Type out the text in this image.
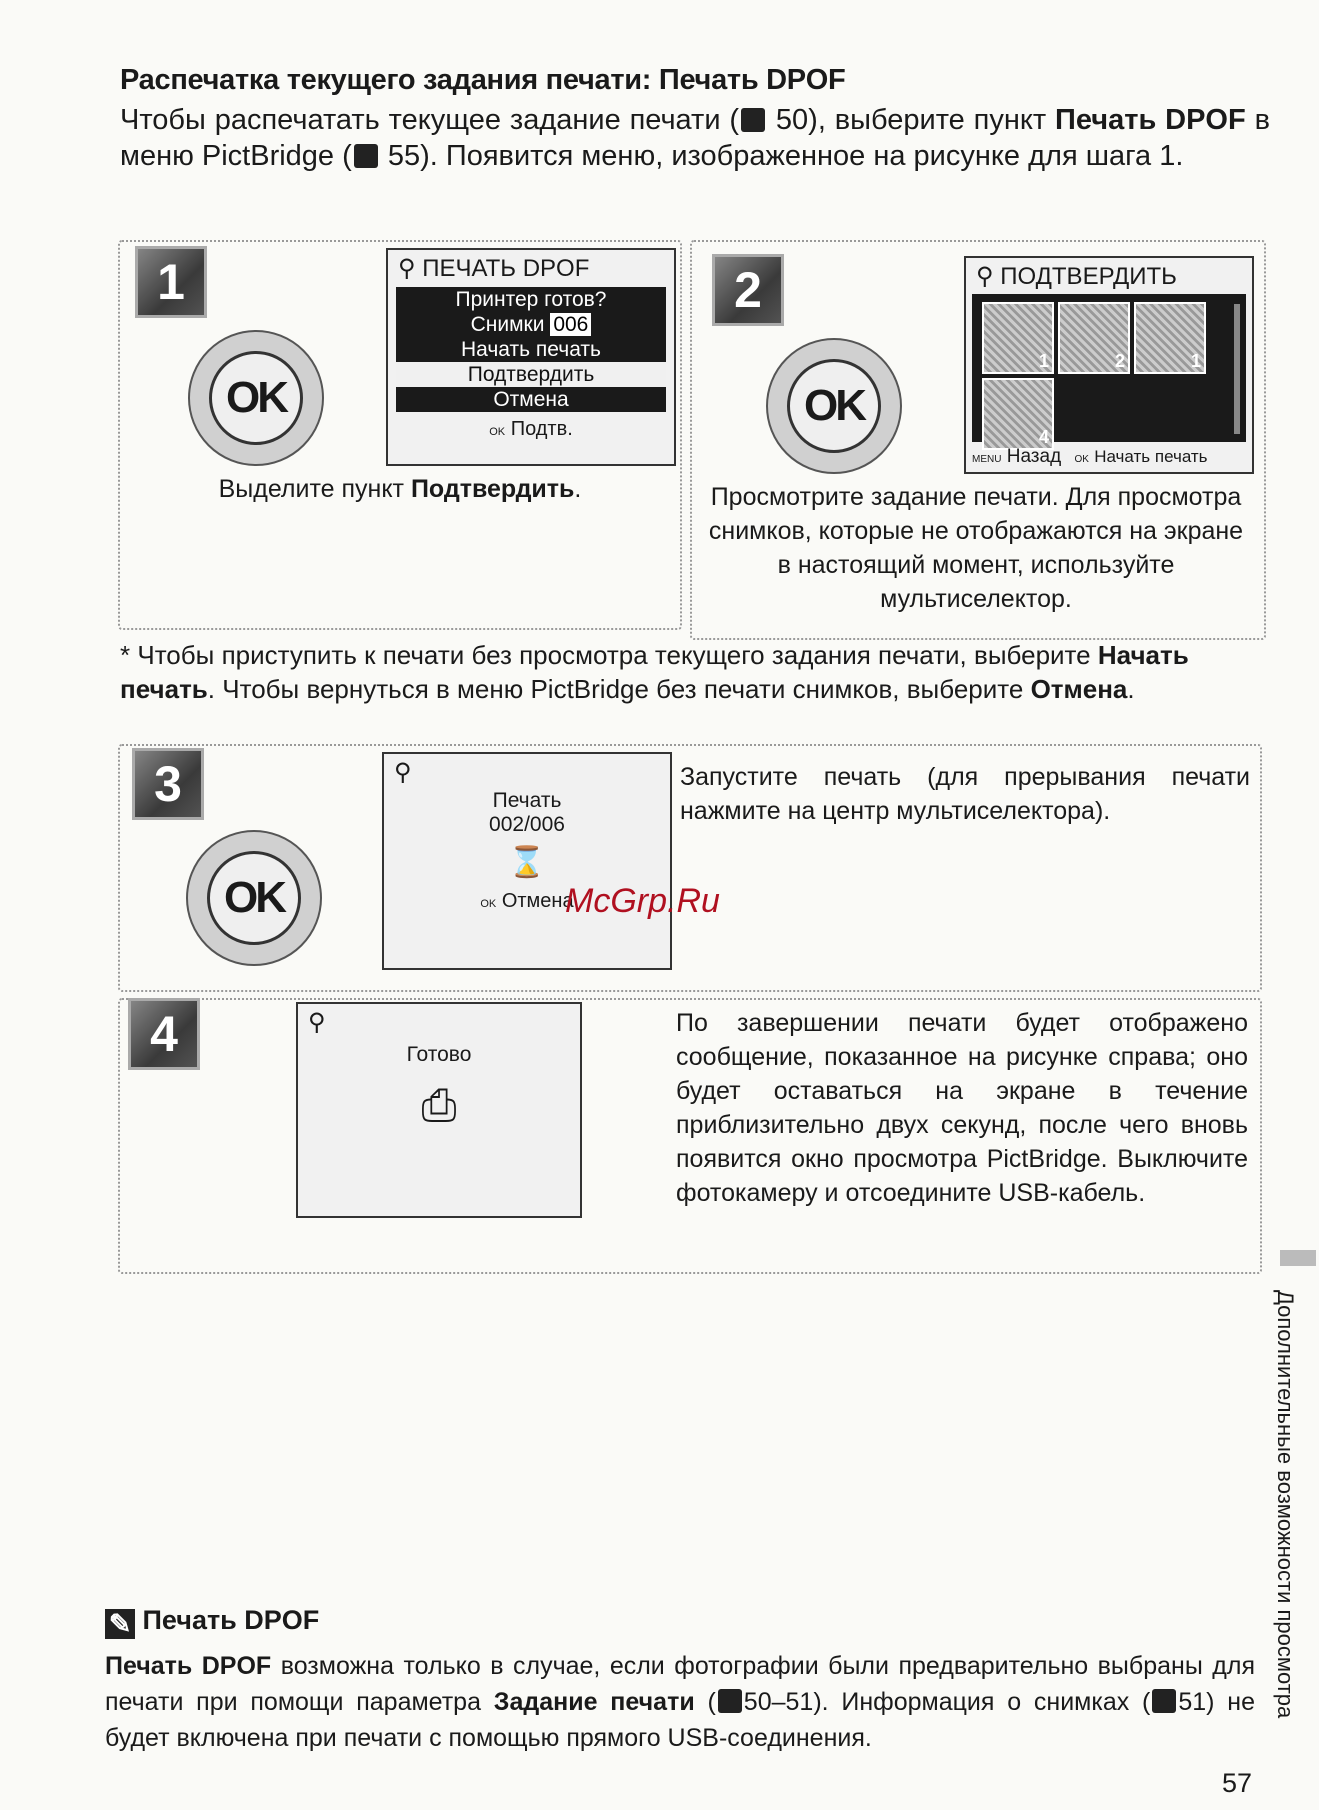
Распечатка текущего задания печати: Печать DPOF
Чтобы распечатать текущее задание печати ( 50), выберите пункт Печать DPOF в меню PictBridge ( 55). Появится меню, изображенное на рисунке для шага 1.
1
OK
⚲ ПЕЧАТЬ DPOF
Принтер готов?
Снимки 006
Начать печать
Подтвердить
Отмена
OK Подтв.
Выделите пункт Подтвердить.
2
OK
⚲ ПОДТВЕРДИТЬ
1	2	1
4
MENU Назад OK Начать печать
Просмотрите задание печати. Для просмотра снимков, которые не отображаются на экране в настоящий момент, используйте мультиселектор.
* Чтобы приступить к печати без просмотра текущего задания печати, выберите Начать печать. Чтобы вернуться в меню PictBridge без печати снимков, выберите Отмена.
3
OK
⚲
Печать
002/006
⌛
OK Отмена
Запустите печать (для прерывания печати нажмите на центр мультиселектора).
4	⚲
Готово
⎙
По завершении печати будет отображено сообщение, показанное на рисунке справа; оно будет оставаться на экране в течение приблизительно двух секунд, после чего вновь появится окно просмотра PictBridge. Выключите фотокамеру и отсоедините USB-кабель.
McGrp.Ru
Дополнительные возможности просмотра
✎ Печать DPOF
Печать DPOF возможна только в случае, если фотографии были предварительно выбраны для печати при помощи параметра Задание печати ( 50–51). Информация о снимках ( 51) не будет включена при печати с помощью прямого USB-соединения.
57
